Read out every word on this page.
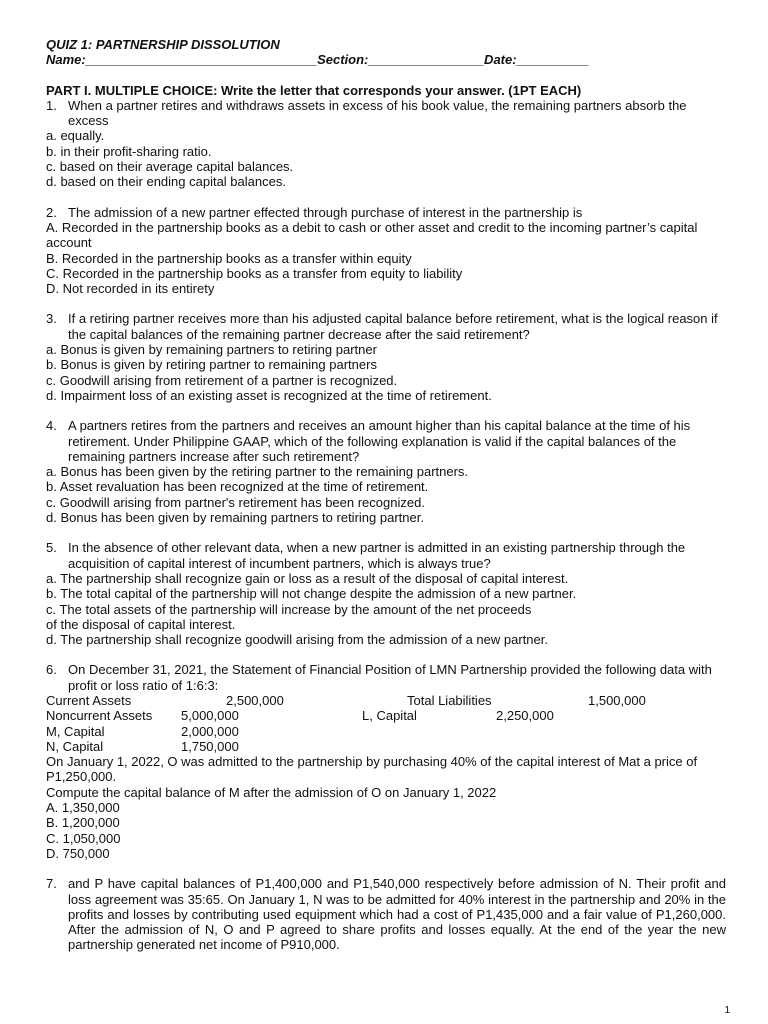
QUIZ 1: PARTNERSHIP DISSOLUTION
Name:________________________________Section:________________Date:__________
PART I. MULTIPLE CHOICE: Write the letter that corresponds your answer. (1PT EACH)
1. When a partner retires and withdraws assets in excess of his book value, the remaining partners absorb the excess
a. equally.
b. in their profit-sharing ratio.
c. based on their average capital balances.
d. based on their ending capital balances.
2. The admission of a new partner effected through purchase of interest in the partnership is
A. Recorded in the partnership books as a debit to cash or other asset and credit to the incoming partner’s capital account
B. Recorded in the partnership books as a transfer within equity
C. Recorded in the partnership books as a transfer from equity to liability
D. Not recorded in its entirety
3. If a retiring partner receives more than his adjusted capital balance before retirement, what is the logical reason if the capital balances of the remaining partner decrease after the said retirement?
a. Bonus is given by remaining partners to retiring partner
b. Bonus is given by retiring partner to remaining partners
c. Goodwill arising from retirement of a partner is recognized.
d. Impairment loss of an existing asset is recognized at the time of retirement.
4. A partners retires from the partners and receives an amount higher than his capital balance at the time of his retirement. Under Philippine GAAP, which of the following explanation is valid if the capital balances of the remaining partners increase after such retirement?
a. Bonus has been given by the retiring partner to the remaining partners.
b. Asset revaluation has been recognized at the time of retirement.
c. Goodwill arising from partner's retirement has been recognized.
d. Bonus has been given by remaining partners to retiring partner.
5. In the absence of other relevant data, when a new partner is admitted in an existing partnership through the acquisition of capital interest of incumbent partners, which is always true?
a. The partnership shall recognize gain or loss as a result of the disposal of capital interest.
b. The total capital of the partnership will not change despite the admission of a new partner.
c. The total assets of the partnership will increase by the amount of the net proceeds
of the disposal of capital interest.
d. The partnership shall recognize goodwill arising from the admission of a new partner.
6. On December 31, 2021, the Statement of Financial Position of LMN Partnership provided the following data with profit or loss ratio of 1:6:3:
Current Assets	2,500,000	Total Liabilities	1,500,000
Noncurrent Assets 5,000,000	L, Capital	2,250,000
M, Capital	2,000,000
N, Capital	1,750,000
On January 1, 2022, O was admitted to the partnership by purchasing 40% of the capital interest of Mat a price of P1,250,000.
Compute the capital balance of M after the admission of O on January 1, 2022
A. 1,350,000
B. 1,200,000
C. 1,050,000
D. 750,000
7. and P have capital balances of P1,400,000 and P1,540,000 respectively before admission of N. Their profit and loss agreement was 35:65. On January 1, N was to be admitted for 40% interest in the partnership and 20% in the profits and losses by contributing used equipment which had a cost of P1,435,000 and a fair value of P1,260,000. After the admission of N, O and P agreed to share profits and losses equally. At the end of the year the new partnership generated net income of P910,000.
1
